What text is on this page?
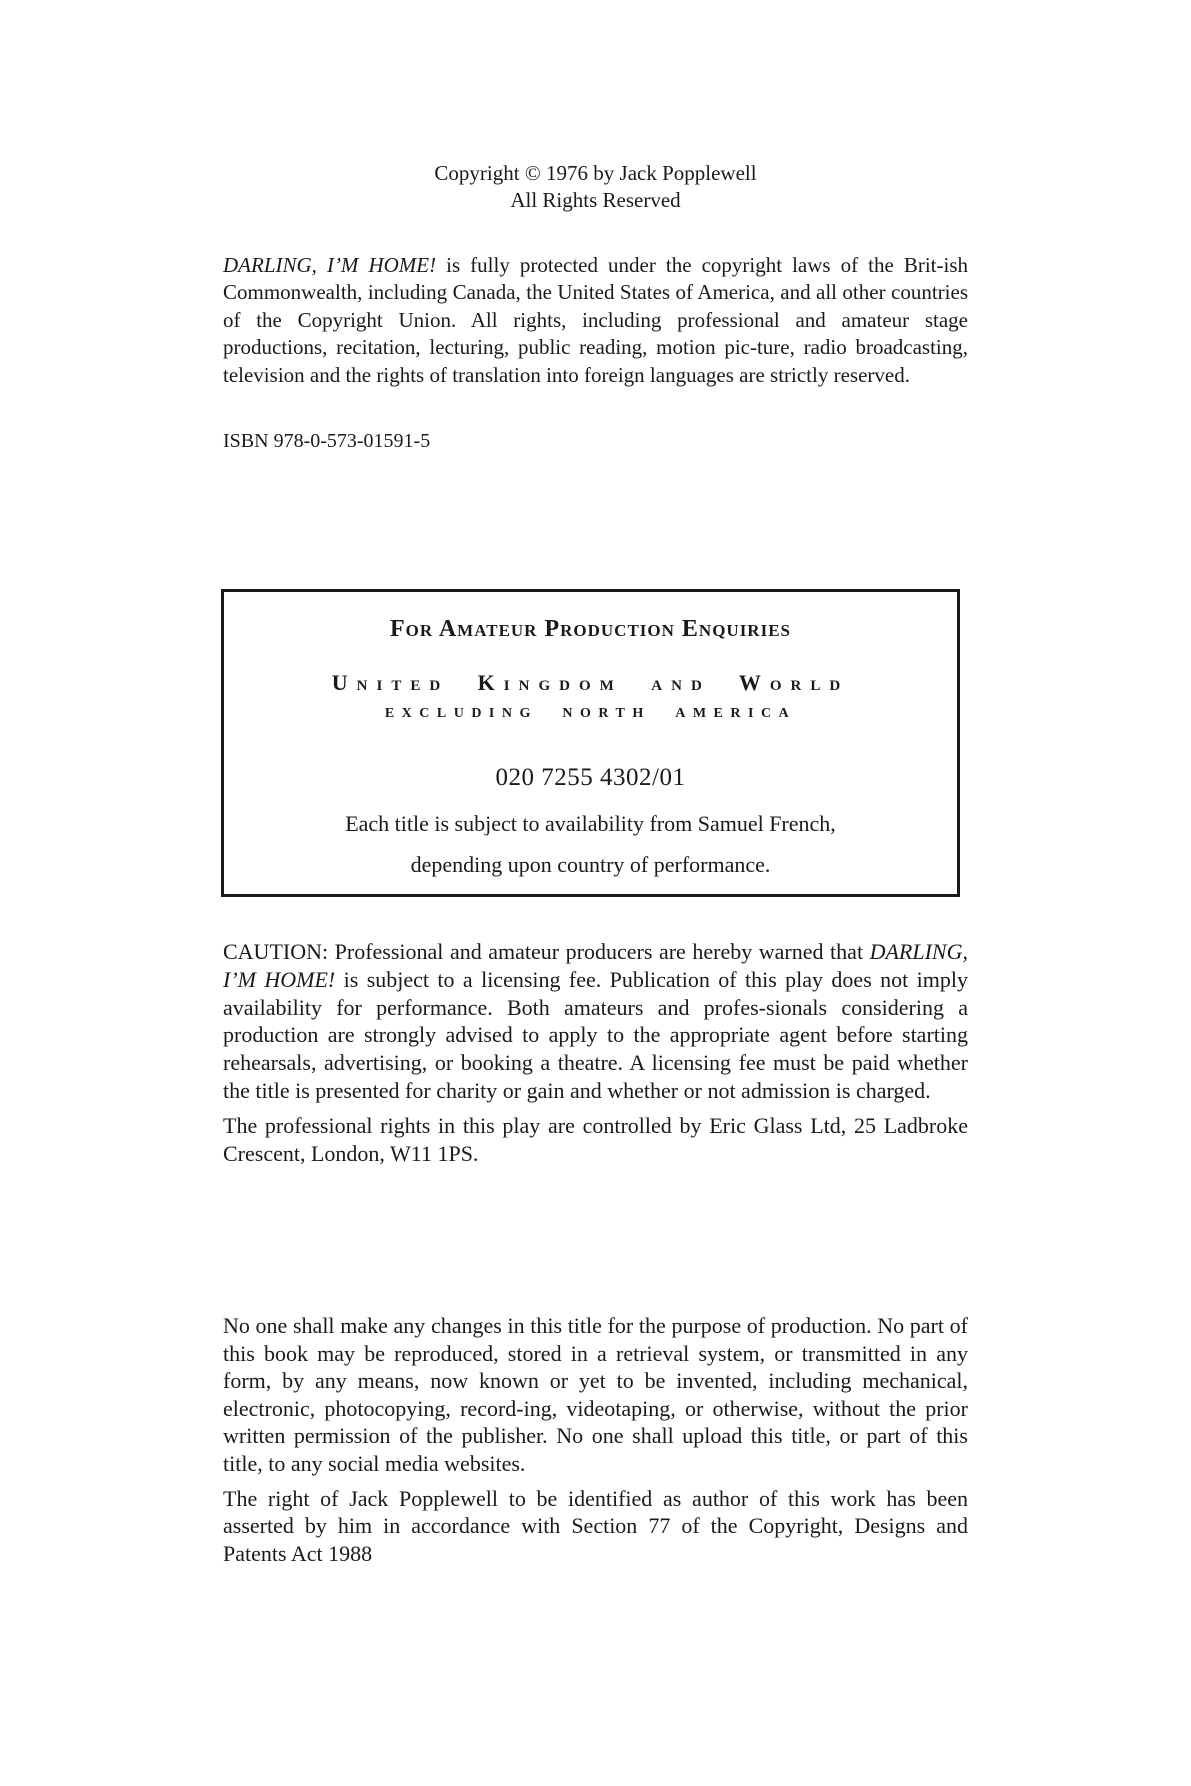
Copyright © 1976 by Jack Popplewell
All Rights Reserved

DARLING, I’M HOME! is fully protected under the copyright laws of the Brit-ish Commonwealth, including Canada, the United States of America, and all other countries of the Copyright Union. All rights, including professional and amateur stage productions, recitation, lecturing, public reading, motion pic-ture, radio broadcasting, television and the rights of translation into foreign languages are strictly reserved.

ISBN 978-0-573-01591-5
For Amateur Production Enquiries
United Kingdom and World
excluding north america
020 7255 4302/01
Each title is subject to availability from Samuel French,
depending upon country of performance.

CAUTION: Professional and amateur producers are hereby warned that DARLING, I’M HOME! is subject to a licensing fee. Publication of this play does not imply availability for performance. Both amateurs and profes-sionals considering a production are strongly advised to apply to the appropriate agent before starting rehearsals, advertising, or booking a theatre. A licensing fee must be paid whether the title is presented for charity or gain and whether or not admission is charged.

The professional rights in this play are controlled by Eric Glass Ltd, 25 Ladbroke Crescent, London, W11 1PS.

No one shall make any changes in this title for the purpose of production. No part of this book may be reproduced, stored in a retrieval system, or transmitted in any form, by any means, now known or yet to be invented, including mechanical, electronic, photocopying, record-ing, videotaping, or otherwise, without the prior written permission of the publisher. No one shall upload this title, or part of this title, to any social media websites.

The right of Jack Popplewell to be identified as author of this work has been asserted by him in accordance with Section 77 of the Copyright, Designs and Patents Act 1988
